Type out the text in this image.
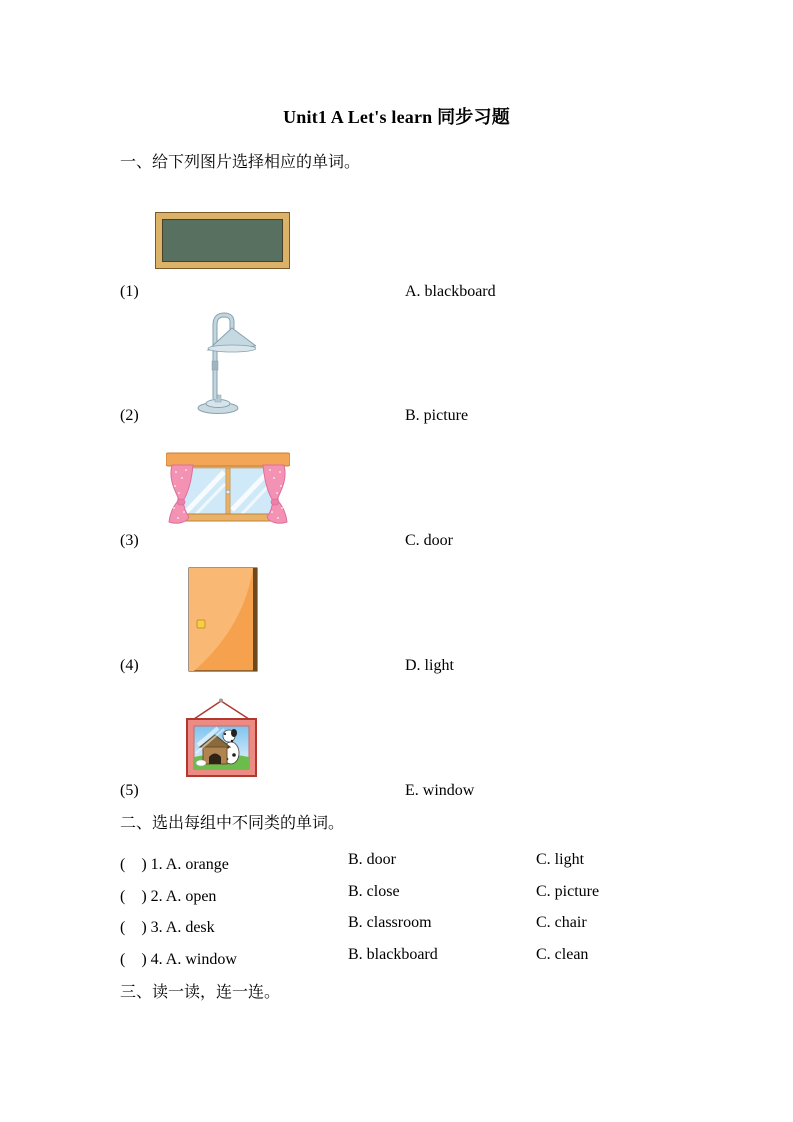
Unit1 A Let's learn 同步习题
一、给下列图片选择相应的单词。
(1)	A. blackboard
(2)	B. picture
(3)	C. door
(4)	D. light
(5)	E. window
二、选出每组中不同类的单词。
(　) 1. A. orange	B. door	C. light
(　) 2. A. open	B. close	C. picture
(　) 3. A. desk	B. classroom	C. chair
(　) 4. A. window	B. blackboard	C. clean
三、读一读，连一连。
